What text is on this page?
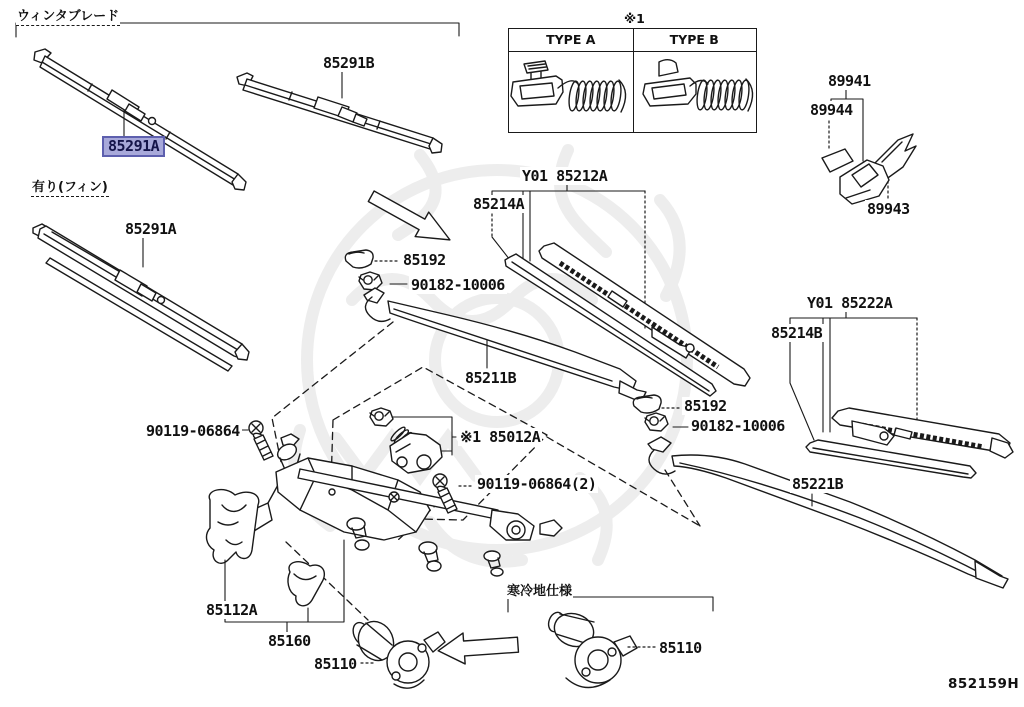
ウィンタブレード
有り(フィン)
寒冷地仕様
※1
TYPE A	TYPE B
85291A
85291B
85291A
89941
89944
89943
Y01 85212A
85214A
85192
90182-10006
85211B
Y01 85222A
85214B
85192
90182-10006
85221B
90119-06864	※1 85012A
90119-06864(2)
85112A
85160
85110
85110
852159H
